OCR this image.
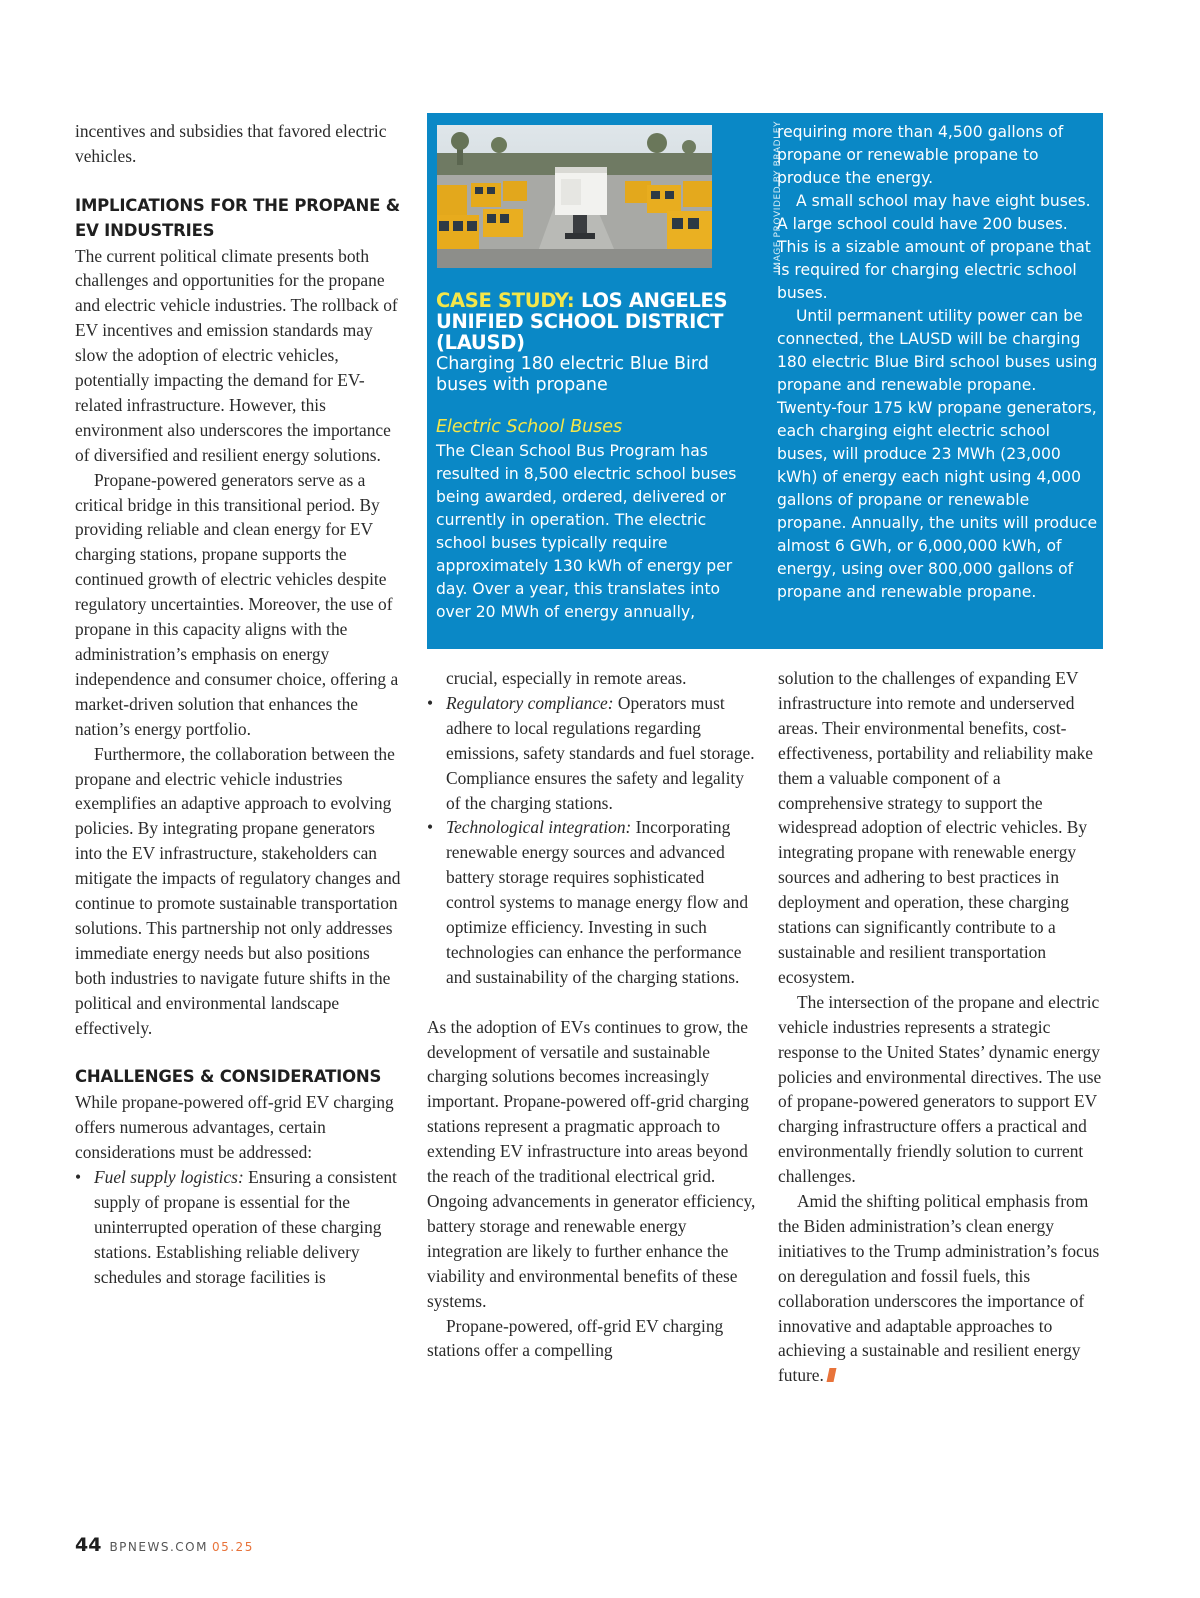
incentives and subsidies that favored electric vehicles.

IMPLICATIONS FOR THE PROPANE & EV INDUSTRIES

The current political climate presents both challenges and opportunities for the propane and electric vehicle industries. The rollback of EV incentives and emission standards may slow the adoption of electric vehicles, potentially impacting the demand for EV-related infrastructure. However, this environment also underscores the importance of diversified and resilient energy solutions.

Propane-powered generators serve as a critical bridge in this transitional period. By providing reliable and clean energy for EV charging stations, propane supports the continued growth of electric vehicles despite regulatory uncertainties. Moreover, the use of propane in this capacity aligns with the administration’s emphasis on energy independence and consumer choice, offering a market-driven solution that enhances the nation’s energy portfolio.

Furthermore, the collaboration between the propane and electric vehicle industries exemplifies an adaptive approach to evolving policies. By integrating propane generators into the EV infrastructure, stakeholders can mitigate the impacts of regulatory changes and continue to promote sustainable transportation solutions. This partnership not only addresses immediate energy needs but also positions both industries to navigate future shifts in the political and environmental landscape effectively.

CHALLENGES & CONSIDERATIONS

While propane-powered off-grid EV charging offers numerous advantages, certain considerations must be addressed:

• Fuel supply logistics: Ensuring a consistent supply of propane is essential for the uninterrupted operation of these charging stations. Establishing reliable delivery schedules and storage facilities is
IMAGE PROVIDED BY BRADLEY
CASE STUDY: LOS ANGELES UNIFIED SCHOOL DISTRICT (LAUSD)

Charging 180 electric Blue Bird buses with propane

Electric School Buses

The Clean School Bus Program has resulted in 8,500 electric school buses being awarded, ordered, delivered or currently in operation. The electric school buses typically require approximately 130 kWh of energy per day. Over a year, this translates into over 20 MWh of energy annually,

requiring more than 4,500 gallons of propane or renewable propane to produce the energy.

A small school may have eight buses. A large school could have 200 buses. This is a sizable amount of propane that is required for charging electric school buses.

Until permanent utility power can be connected, the LAUSD will be charging 180 electric Blue Bird school buses using propane and renewable propane. Twenty-four 175 kW propane generators, each charging eight electric school buses, will produce 23 MWh (23,000 kWh) of energy each night using 4,000 gallons of propane or renewable propane. Annually, the units will produce almost 6 GWh, or 6,000,000 kWh, of energy, using over 800,000 gallons of propane and renewable propane.

crucial, especially in remote areas.

• Regulatory compliance: Operators must adhere to local regulations regarding emissions, safety standards and fuel storage. Compliance ensures the safety and legality of the charging stations.
• Technological integration: Incorporating renewable energy sources and advanced battery storage requires sophisticated control systems to manage energy flow and optimize efficiency. Investing in such technologies can enhance the performance and sustainability of the charging stations.

As the adoption of EVs continues to grow, the development of versatile and sustainable charging solutions becomes increasingly important. Propane-powered off-grid charging stations represent a pragmatic approach to extending EV infrastructure into areas beyond the reach of the traditional electrical grid. Ongoing advancements in generator efficiency, battery storage and renewable energy integration are likely to further enhance the viability and environmental benefits of these systems.

Propane-powered, off-grid EV charging stations offer a compelling

solution to the challenges of expanding EV infrastructure into remote and underserved areas. Their environmental benefits, cost-effectiveness, portability and reliability make them a valuable component of a comprehensive strategy to support the widespread adoption of electric vehicles. By integrating propane with renewable energy sources and adhering to best practices in deployment and operation, these charging stations can significantly contribute to a sustainable and resilient transportation ecosystem.

The intersection of the propane and electric vehicle industries represents a strategic response to the United States’ dynamic energy policies and environmental directives. The use of propane-powered generators to support EV charging infrastructure offers a practical and environmentally friendly solution to current challenges.

Amid the shifting political emphasis from the Biden administration’s clean energy initiatives to the Trump administration’s focus on deregulation and fossil fuels, this collaboration underscores the importance of innovative and adaptable approaches to achieving a sustainable and resilient energy future.

44 BPNEWS.COM 05.25
